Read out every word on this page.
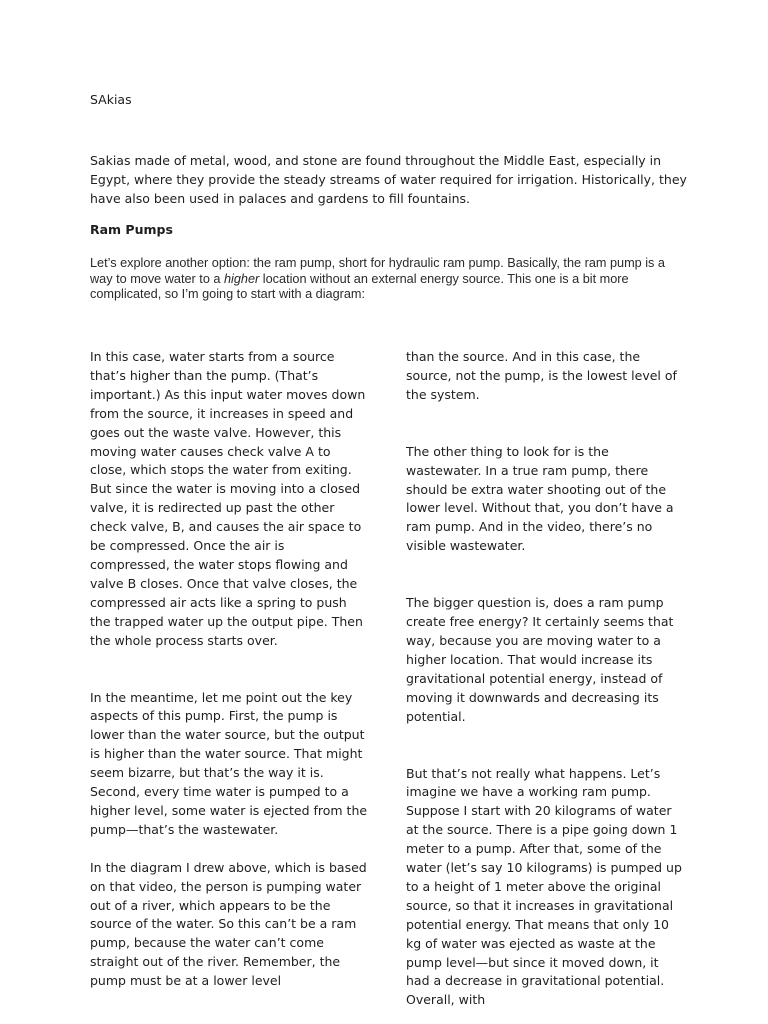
SAkias

Sakias made of metal, wood, and stone are found throughout the Middle East, especially in Egypt, where they provide the steady streams of water required for irrigation. Historically, they have also been used in palaces and gardens to fill fountains.

Ram Pumps

Let’s explore another option: the ram pump, short for hydraulic ram pump. Basically, the ram pump is a way to move water to a higher location without an external energy source. This one is a bit more complicated, so I’m going to start with a diagram:

In this case, water starts from a source that’s higher than the pump. (That’s important.) As this input water moves down from the source, it increases in speed and goes out the waste valve. However, this moving water causes check valve A to close, which stops the water from exiting. But since the water is moving into a closed valve, it is redirected up past the other check valve, B, and causes the air space to be compressed. Once the air is compressed, the water stops flowing and valve B closes. Once that valve closes, the compressed air acts like a spring to push the trapped water up the output pipe. Then the whole process starts over.

In the meantime, let me point out the key aspects of this pump. First, the pump is lower than the water source, but the output is higher than the water source. That might seem bizarre, but that’s the way it is. Second, every time water is pumped to a higher level, some water is ejected from the pump—that’s the wastewater.

In the diagram I drew above, which is based on that video, the person is pumping water out of a river, which appears to be the source of the water. So this can’t be a ram pump, because the water can’t come straight out of the river. Remember, the pump must be at a lower level

than the source. And in this case, the source, not the pump, is the lowest level of the system.

The other thing to look for is the wastewater. In a true ram pump, there should be extra water shooting out of the lower level. Without that, you don’t have a ram pump. And in the video, there’s no visible wastewater.

The bigger question is, does a ram pump create free energy? It certainly seems that way, because you are moving water to a higher location. That would increase its gravitational potential energy, instead of moving it downwards and decreasing its potential.

But that’s not really what happens. Let’s imagine we have a working ram pump. Suppose I start with 20 kilograms of water at the source. There is a pipe going down 1 meter to a pump. After that, some of the water (let’s say 10 kilograms) is pumped up to a height of 1 meter above the original source, so that it increases in gravitational potential energy. That means that only 10 kg of water was ejected as waste at the pump level—but since it moved down, it had a decrease in gravitational potential. Overall, with
